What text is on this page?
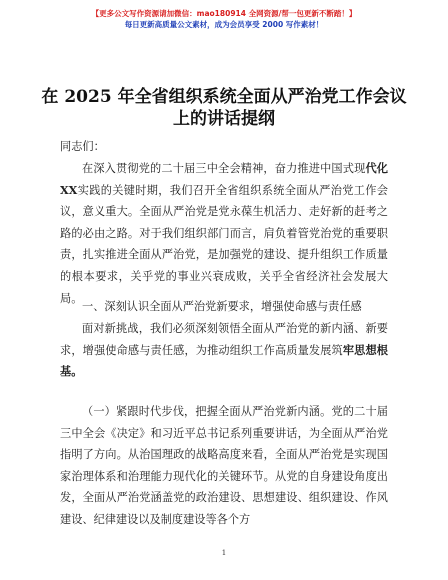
【更多公文写作资源请加微信：mao180914 全网资源/帮一包更新不断踏！】
每日更新高质量公文素材，成为会员享受 2000 写作素材！
在 2025 年全省组织系统全面从严治党工作会议
上的讲话提纲
同志们：
在深入贯彻党的二十届三中全会精神，奋力推进中国式现代化 XX实践的关键时期，我们召开全省组织系统全面从严治党工作会议，意义重大。全面从严治党是党永葆生机活力、走好新的赶考之路的必由之路。对于我们组织部门而言，肩负着管党治党的重要职责，扎实推进全面从严治党，是加强党的建设、提升组织工作质量的根本要求，关乎党的事业兴衰成败，关乎全省经济社会发展大局。
一、深刻认识全面从严治党新要求，增强使命感与责任感
面对新挑战，我们必须深刻领悟全面从严治党的新内涵、新要求，增强使命感与责任感，为推动组织工作高质量发展筑牢思想根基。
（一）紧跟时代步伐，把握全面从严治党新内涵。党的二十届三中全会《决定》和习近平总书记系列重要讲话，为全面从严治党指明了方向。从治国理政的战略高度来看，全面从严治党是实现国家治理体系和治理能力现代化的关键环节。从党的自身建设角度出发，全面从严治党涵盖党的政治建设、思想建设、组织建设、作风建设、纪律建设以及制度建设等各个方
1
